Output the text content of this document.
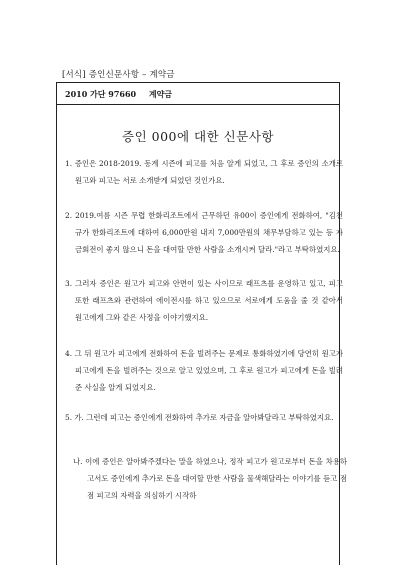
[서식] 증인신문사항 – 계약금
2010 가단 97660 계약금
증인 000에 대한 신문사항
1. 증인은 2018-2019. 동계 시즌에 피고를 처음 알게 되었고, 그 후로 증인의 소개로 원고와 피고는 서로 소개받게 되었던 것인가요.
2. 2019.여름 시즌 무렵 한화리조트에서 근무하던 유00이 증인에게 전화하여, "김천규가 한화리조트에 대하여 6,000만원 내지 7,000만원의 채무부담하고 있는 등 자금회전이 좋지 않으니 돈을 대여할 만한 사람을 소개시켜 달라."라고 부탁하였지요.
3. 그러자 증인은 원고가 피고와 안면이 있는 사이므로 래프츠를 운영하고 있고, 피고 또한 래프츠와 관련하여 에이전시를 하고 있으므로 서로에게 도움을 줄 것 같아서 원고에게 그와 같은 사정을 이야기했지요.
4. 그 뒤 원고가 피고에게 전화하여 돈을 빌려주는 문제로 통화하였기에 당연히 원고가 피고에게 돈을 빌려주는 것으로 알고 있었으며, 그 후로 원고가 피고에게 돈을 빌려준 사실을 알게 되었지요.
5. 가. 그런데 피고는 증인에게 전화하여 추가로 자금을 알아봐달라고 부탁하였지요.
나. 이에 증인은 알아봐주겠다는 말을 하였으나, 정작 피고가 원고로부터 돈을 차용하고서도 증인에게 추가로 돈을 대여할 만한 사람을 물색해달라는 이야기를 듣고 점점 피고의 자력을 의심하기 시작하
